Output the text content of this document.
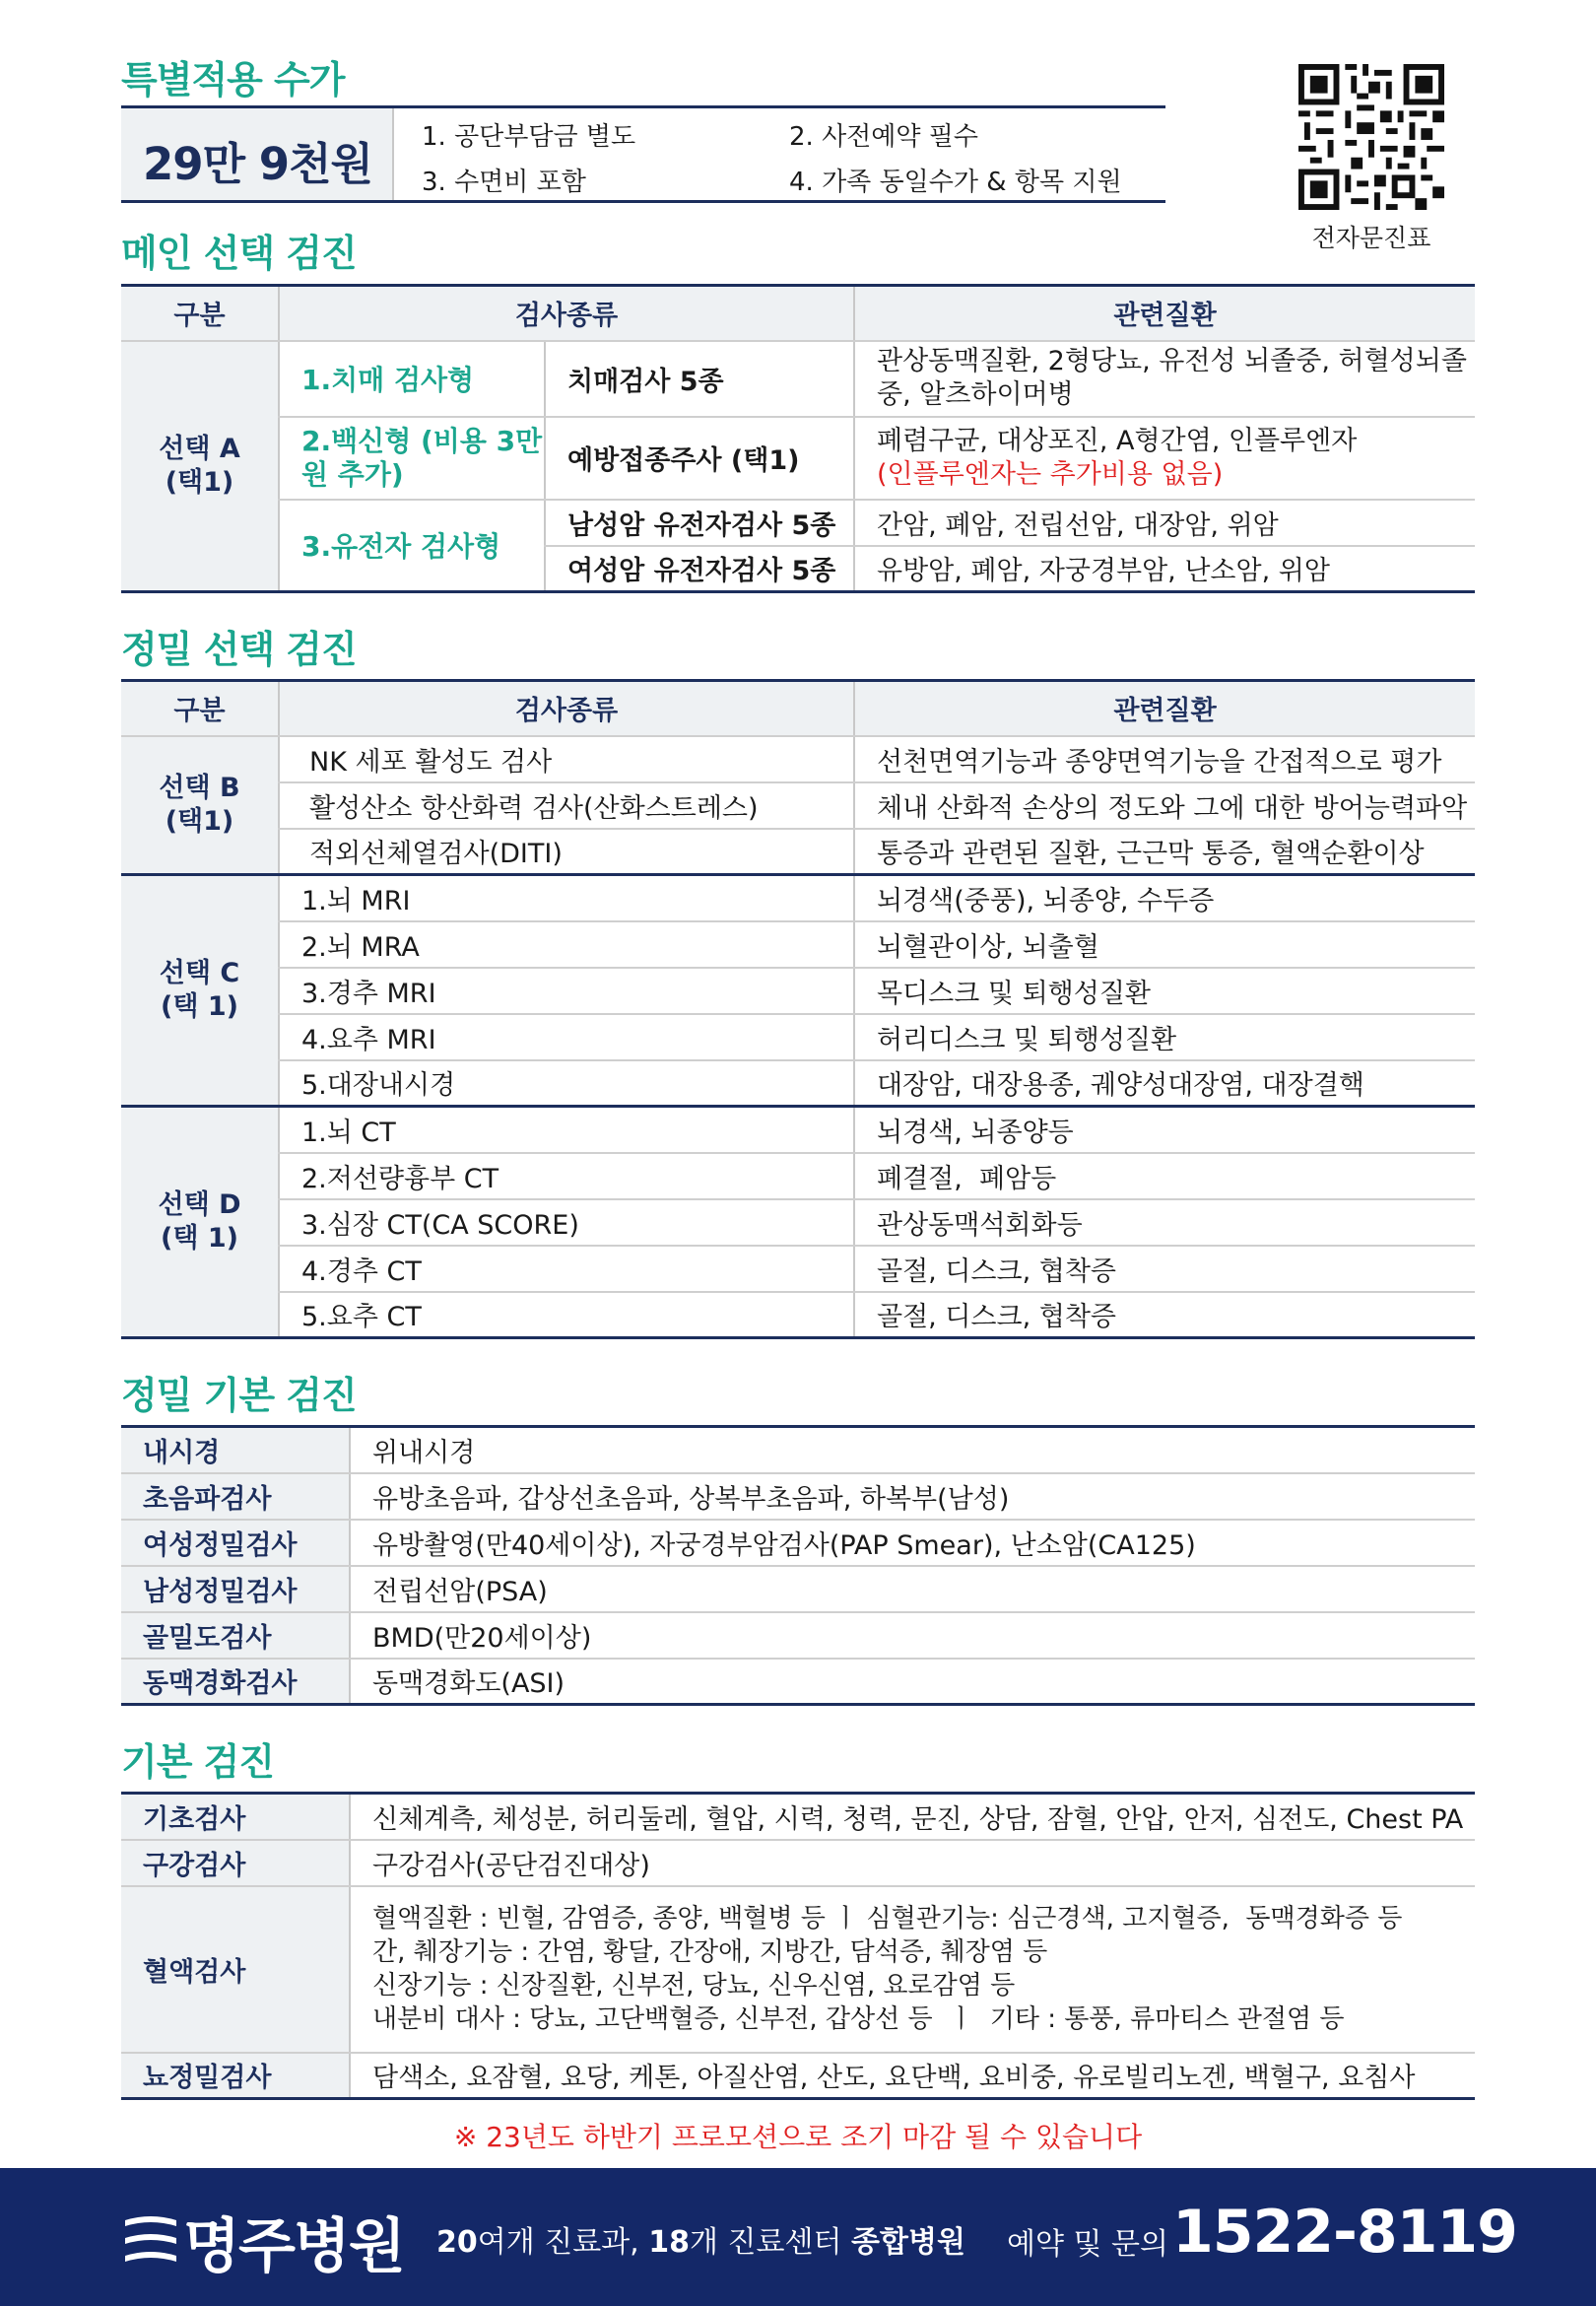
특별적용 수가
29만 9천원
1. 공단부담금 별도	2. 사전예약 필수
3. 수면비 포함	4. 가족 동일수가 & 항목 지원
전자문진표
메인 선택 검진
구분	검사종류		관련질환
선택 A
(택1)	1.치매 검사형	치매검사 5종	관상동맥질환, 2형당뇨, 유전성 뇌졸중, 허혈성뇌졸중, 알츠하이머병
	2.백신형 (비용 3만원 추가)	예방접종주사 (택1)	폐렴구균, 대상포진, A형간염, 인플루엔자
(인플루엔자는 추가비용 없음)

	3.유전자 검사형	남성암 유전자검사 5종	간암, 폐암, 전립선암, 대장암, 위암
		여성암 유전자검사 5종	유방암, 폐암, 자궁경부암, 난소암, 위암
정밀 선택 검진
구분	검사종류	관련질환
선택 B
(택1)	NK 세포 활성도 검사	선천면역기능과 종양면역기능을 간접적으로 평가
	활성산소 항산화력 검사(산화스트레스)	체내 산화적 손상의 정도와 그에 대한 방어능력파악
	적외선체열검사(DITI)	통증과 관련된 질환, 근근막 통증, 혈액순환이상
선택 C
(택 1)	1.뇌 MRI	뇌경색(중풍), 뇌종양, 수두증
	2.뇌 MRA	뇌혈관이상, 뇌출혈
	3.경추 MRI	목디스크 및 퇴행성질환
	4.요추 MRI	허리디스크 및 퇴행성질환
	5.대장내시경	대장암, 대장용종, 궤양성대장염, 대장결핵
선택 D
(택 1)	1.뇌 CT	뇌경색, 뇌종양등
	2.저선량흉부 CT	폐결절,  폐암등
	3.심장 CT(CA SCORE)	관상동맥석회화등
	4.경추 CT	골절, 디스크, 협착증
	5.요추 CT	골절, 디스크, 협착증
정밀 기본 검진
내시경	위내시경
초음파검사	유방초음파, 갑상선초음파, 상복부초음파, 하복부(남성)
여성정밀검사	유방촬영(만40세이상), 자궁경부암검사(PAP Smear), 난소암(CA125)
남성정밀검사	전립선암(PSA)
골밀도검사	BMD(만20세이상)
동맥경화검사	동맥경화도(ASI)
기본 검진
기초검사	신체계측, 체성분, 허리둘레, 혈압, 시력, 청력, 문진, 상담, 잠혈, 안압, 안저, 심전도, Chest PA
구강검사	구강검사(공단검진대상)
혈액검사	혈액질환 : 빈혈, 감염증, 종양, 백혈병 등 ㅣ 심혈관기능: 심근경색, 고지혈증,  동맥경화증 등
간, 췌장기능 : 간염, 황달, 간장애, 지방간, 담석증, 췌장염 등
신장기능 : 신장질환, 신부전, 당뇨, 신우신염, 요로감염 등
내분비 대사 : 당뇨, 고단백혈증, 신부전, 갑상선 등  ㅣ  기타 : 통풍, 류마티스 관절염 등
뇨정밀검사	담색소, 요잠혈, 요당, 케톤, 아질산염, 산도, 요단백, 요비중, 유로빌리노겐, 백혈구, 요침사
※ 23년도 하반기 프로모션으로 조기 마감 될 수 있습니다
명주병원 20여개 진료과, 18개 진료센터 종합병원 예약 및 문의 1522-8119
